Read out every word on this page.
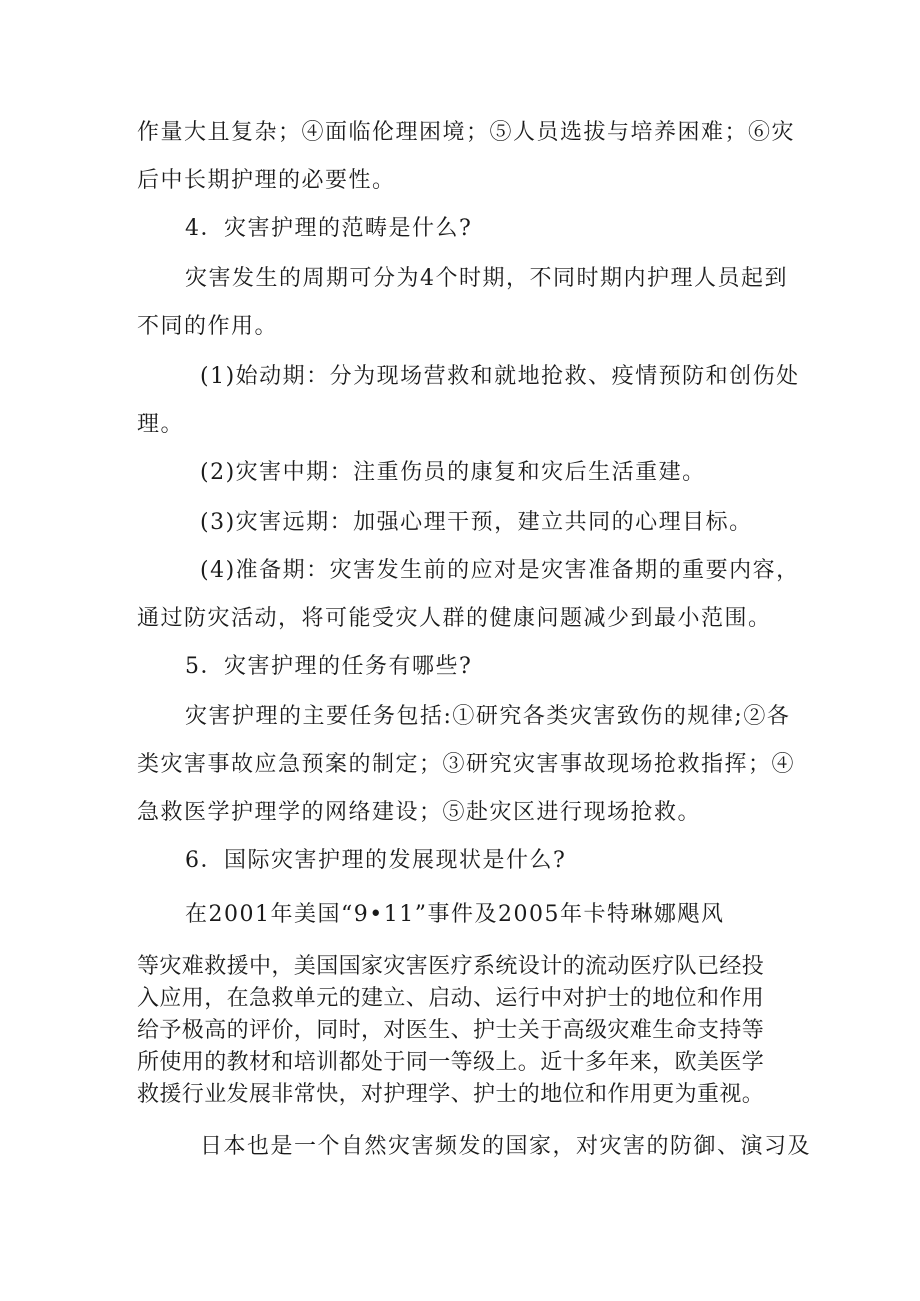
作量大且复杂；④面临伦理困境；⑤人员选拔与培养困难；⑥灾
后中长期护理的必要性。
4．灾害护理的范畴是什么?
灾害发生的周期可分为4个时期，不同时期内护理人员起到
不同的作用。
(1)始动期：分为现场营救和就地抢救、疫情预防和创伤处
理。
(2)灾害中期：注重伤员的康复和灾后生活重建。
(3)灾害远期：加强心理干预，建立共同的心理目标。
(4)准备期：灾害发生前的应对是灾害准备期的重要内容，
通过防灾活动，将可能受灾人群的健康问题减少到最小范围。
5．灾害护理的任务有哪些?
灾害护理的主要任务包括:①研究各类灾害致伤的规律;②各
类灾害事故应急预案的制定；③研究灾害事故现场抢救指挥；④
急救医学护理学的网络建设；⑤赴灾区进行现场抢救。
6．国际灾害护理的发展现状是什么?
在2001年美国“9•11”事件及2005年卡特琳娜飓风
等灾难救援中，美国国家灾害医疗系统设计的流动医疗队已经投
入应用，在急救单元的建立、启动、运行中对护士的地位和作用
给予极高的评价，同时，对医生、护士关于高级灾难生命支持等
所使用的教材和培训都处于同一等级上。近十多年来，欧美医学
救援行业发展非常快，对护理学、护士的地位和作用更为重视。
日本也是一个自然灾害频发的国家，对灾害的防御、演习及
